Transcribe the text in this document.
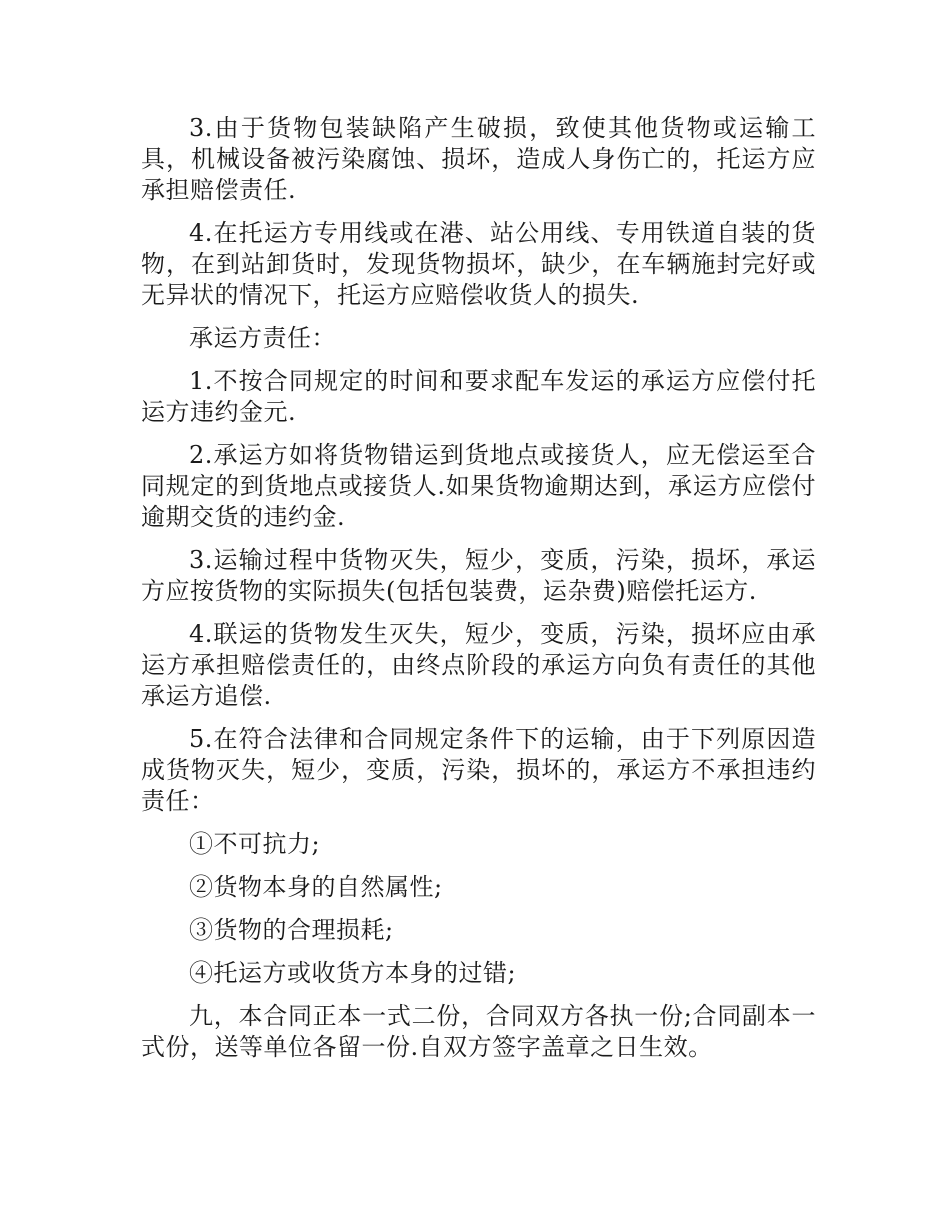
3.由于货物包装缺陷产生破损，致使其他货物或运输工具，机械设备被污染腐蚀、损坏，造成人身伤亡的，托运方应承担赔偿责任.

4.在托运方专用线或在港、站公用线、专用铁道自装的货物，在到站卸货时，发现货物损坏，缺少，在车辆施封完好或无异状的情况下，托运方应赔偿收货人的损失.

承运方责任：

1.不按合同规定的时间和要求配车发运的承运方应偿付托运方违约金元.

2.承运方如将货物错运到货地点或接货人，应无偿运至合同规定的到货地点或接货人.如果货物逾期达到，承运方应偿付逾期交货的违约金.

3.运输过程中货物灭失，短少，变质，污染，损坏，承运方应按货物的实际损失(包括包装费，运杂费)赔偿托运方.

4.联运的货物发生灭失，短少，变质，污染，损坏应由承运方承担赔偿责任的，由终点阶段的承运方向负有责任的其他承运方追偿.

5.在符合法律和合同规定条件下的运输，由于下列原因造成货物灭失，短少，变质，污染，损坏的，承运方不承担违约责任：

①不可抗力;

②货物本身的自然属性;

③货物的合理损耗;

④托运方或收货方本身的过错;

九，本合同正本一式二份，合同双方各执一份;合同副本一式份，送等单位各留一份.自双方签字盖章之日生效。
